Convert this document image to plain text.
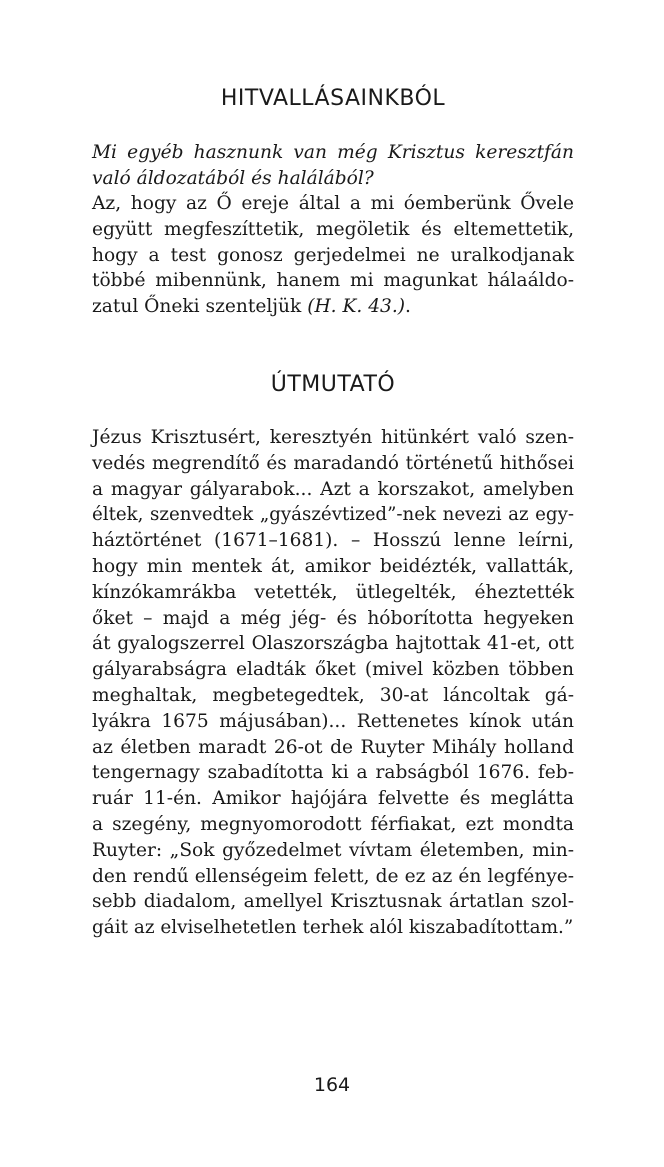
HITVALLÁSAINKBÓL
Mi egyéb hasznunk van még Krisztus keresztfán
való áldozatából és halálából?
Az, hogy az Ő ereje által a mi óemberünk Ővele
együtt megfeszíttetik, megöletik és eltemettetik,
hogy a test gonosz gerjedelmei ne uralkodjanak
többé mibennünk, hanem mi magunkat hálaáldo-
zatul Őneki szenteljük (H. K. 43.).
ÚTMUTATÓ
Jézus Krisztusért, keresztyén hitünkért való szen-
vedés megrendítő és maradandó történetű hithősei
a magyar gályarabok... Azt a korszakot, amelyben
éltek, szenvedtek „gyászévtized”-nek nevezi az egy-
háztörténet (1671–1681). – Hosszú lenne leírni,
hogy min mentek át, amikor beidézték, vallatták,
kínzókamrákba vetették, ütlegelték, éheztették
őket – majd a még jég- és hóborította hegyeken
át gyalogszerrel Olaszországba hajtottak 41-et, ott
gályarabságra eladták őket (mivel közben többen
meghaltak, megbetegedtek, 30-at láncoltak gá-
lyákra 1675 májusában)... Rettenetes kínok után
az életben maradt 26-ot de Ruyter Mihály holland
tengernagy szabadította ki a rabságból 1676. feb-
ruár 11-én. Amikor hajójára felvette és meglátta
a szegény, megnyomorodott férfiakat, ezt mondta
Ruyter: „Sok győzedelmet vívtam életemben, min-
den rendű ellenségeim felett, de ez az én legfénye-
sebb diadalom, amellyel Krisztusnak ártatlan szol-
gáit az elviselhetetlen terhek alól kiszabadítottam.”
164
